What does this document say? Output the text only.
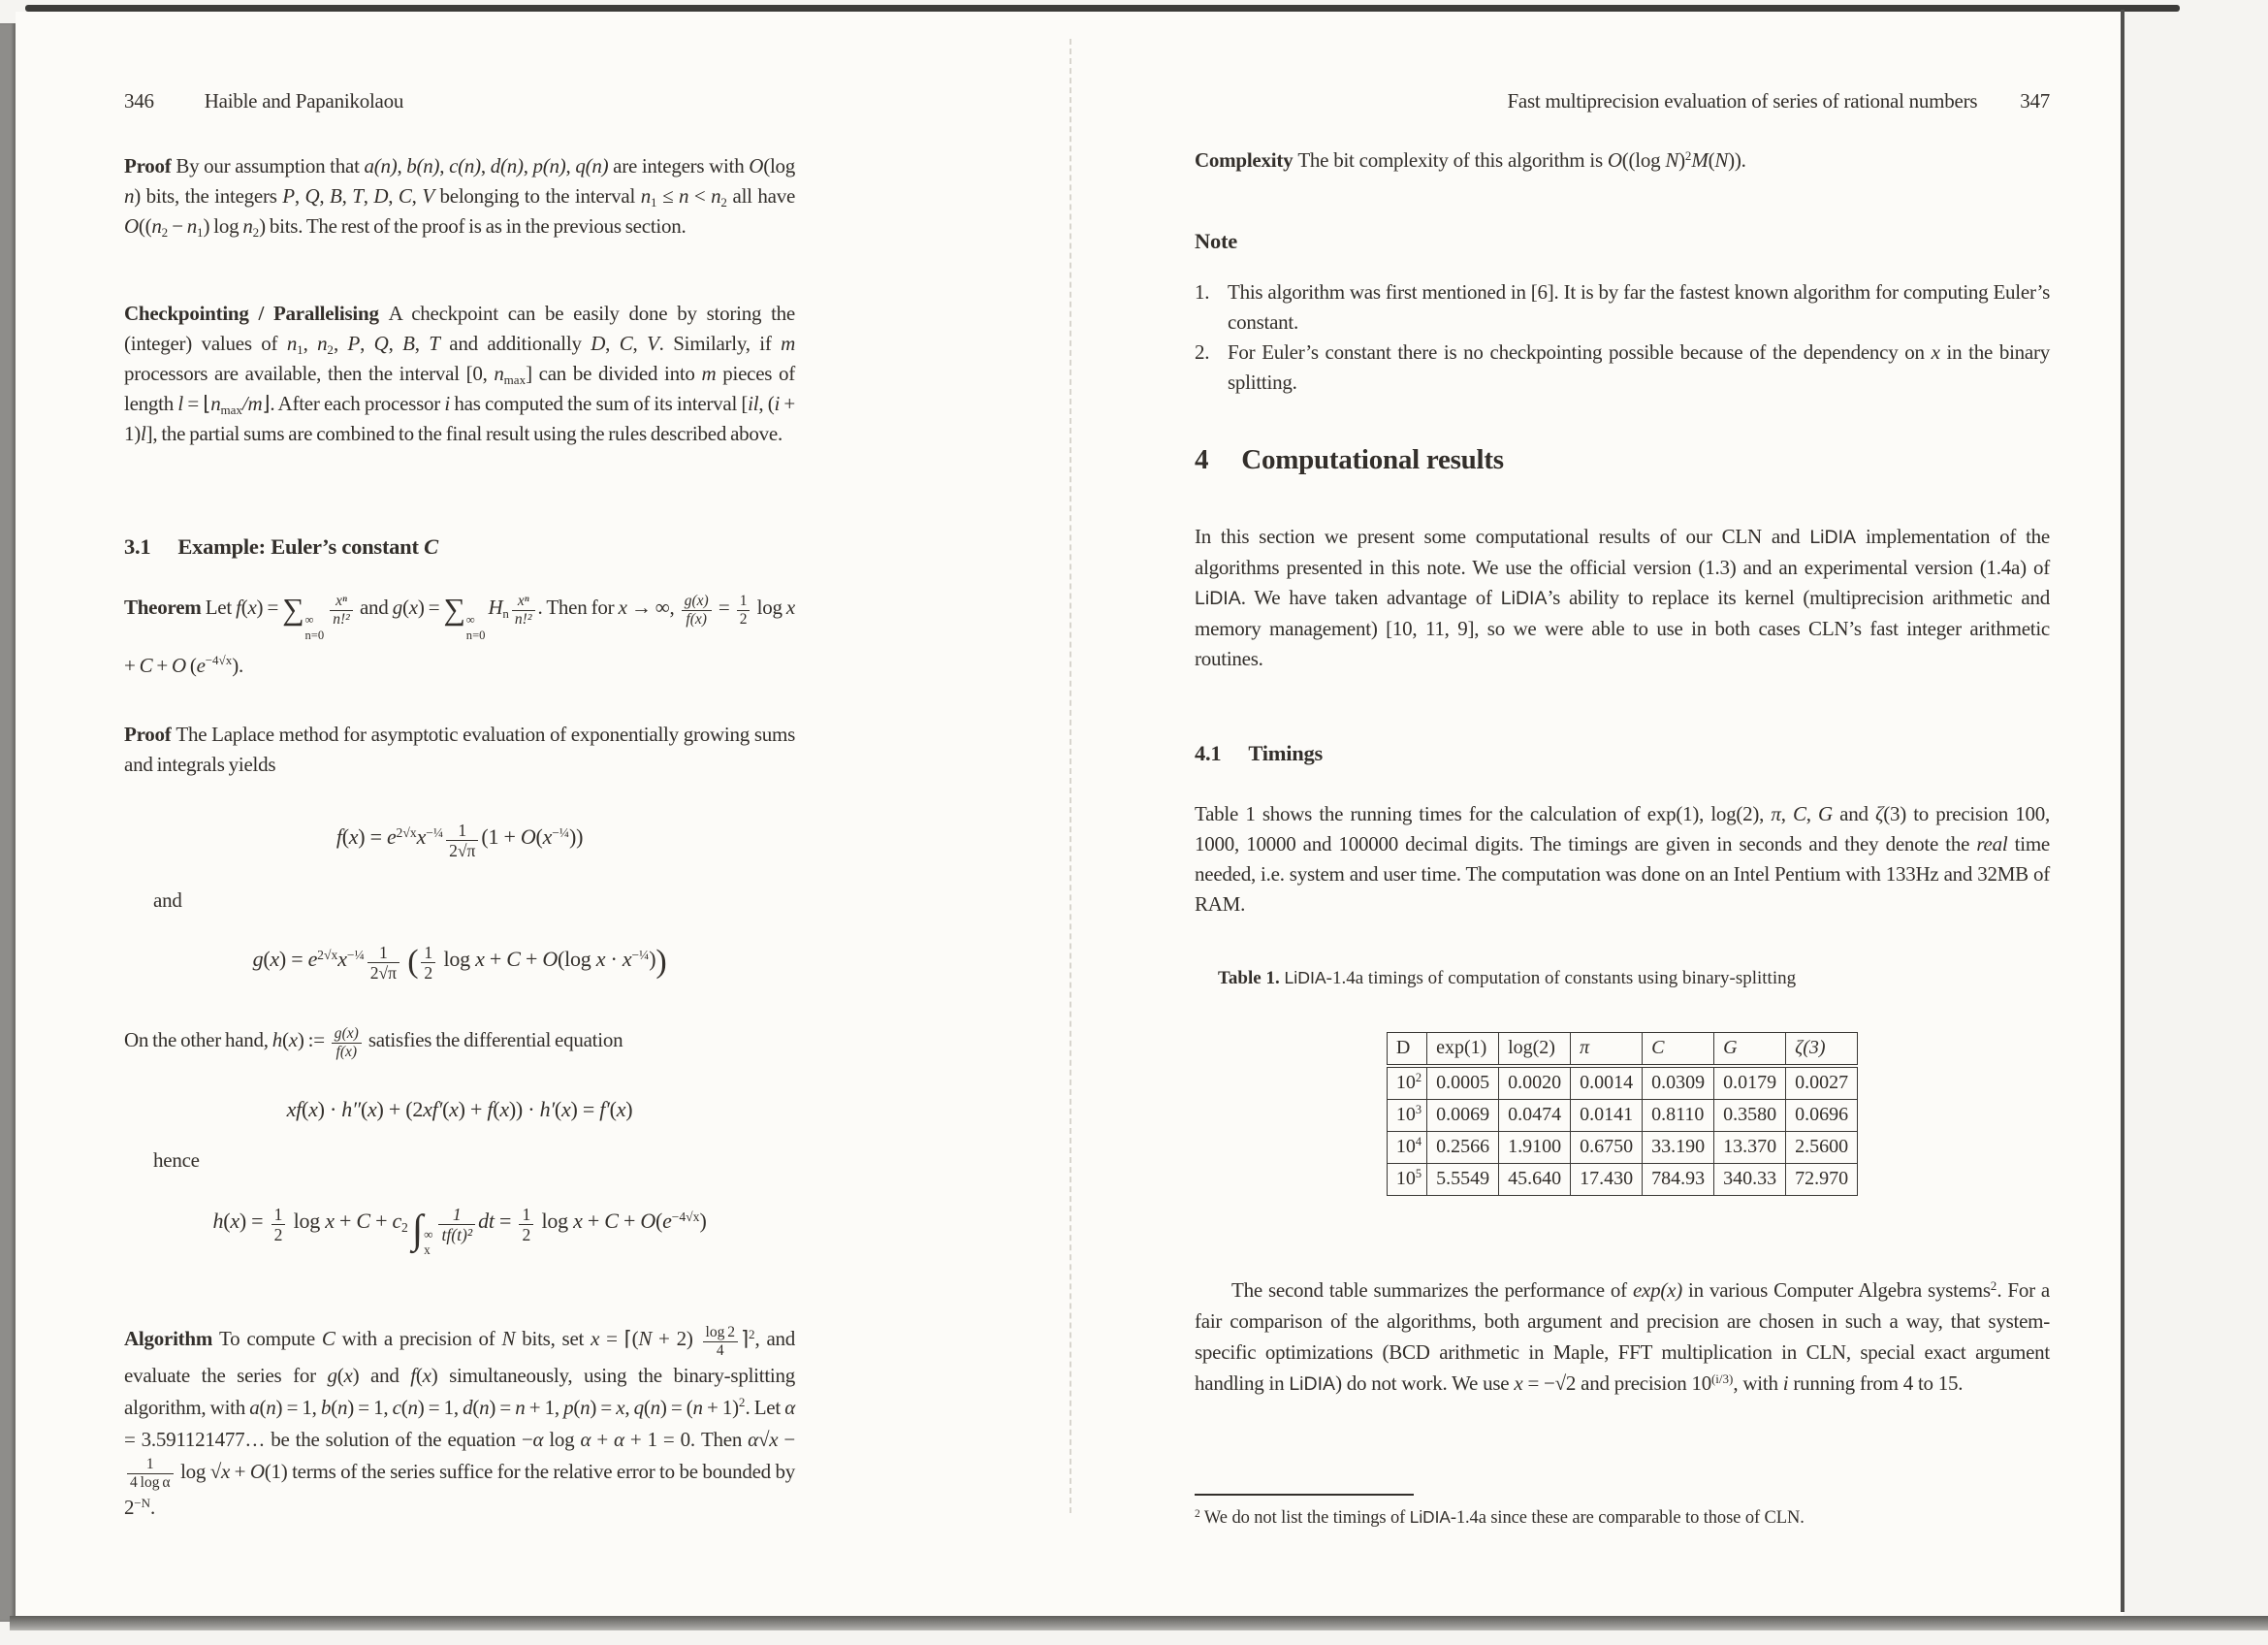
346 Haible and Papanikolaou
Proof By our assumption that a(n), b(n), c(n), d(n), p(n), q(n) are integers with O(log n) bits, the integers P, Q, B, T, D, C, V belonging to the interval $n_1 \le n < n_2$ all have $O((n_2 - n_1)$ $\log n_2$) bits. The rest of the proof is as in the previous section.
Checkpointing / Parallelising A checkpoint can be easily done by storing the (integer) values of $n_1$, $n_2$, P, Q, B, T and additionally D, C, V. Similarly, if m processors are available, then the interval [0, $n_{max}$] can be divided into m pieces of length $l = ⌊n_{max}/m⌋$. After each processor i has computed the sum of its interval [il, (i + 1)l], the partial sums are combined to the final result using the rules described above.
3.1 Example: Euler’s constant C
Theorem Let f(x) = ∑ ∞
n=0
$\frac{\text{xⁿ}}{\text{n!²}}$ and g(x) = ∑ ∞
n=0
$H_n \frac{\text{xⁿ}}{\text{n!²}}$ . Then for x → ∞, $\frac{g(x)}{f(x)} = \frac{1}{2}$ log x + C + O $(e^{-4√x})$.
Proof The Laplace method for asymptotic evaluation of exponentially growing sums and integrals yields
$f(x) = e^{2√x}x^{-\frac{1}{4}} \frac{1}{2√\pi} (1 + O(x^{-\frac{1}{4}}))$
and
$g(x) = e^{2√x}x^{-\frac{1}{4}} \frac{1}{2√\pi}$ ( $\frac{1}{2}$ log x + C + O(log $x \cdot x^{-\frac{1}{4}}$))
On the other hand, h(x) := $\frac{g(x)}{f(x)}$ satisfies the differential equation
xf(x) · h″(x) + (2xf′(x) + f(x)) · h′(x) = f′(x)
hence
$h(x) = \frac{1}{2}$ $\log x + C + c_2\int$ ∞
x
$\frac{1}{\text{tf(t)²}}$ dt = $\frac{1}{2}$ $\log x + C + O(e^{-4√x})$
Algorithm To compute C with a precision of N bits, set x = ⌈(N + $2) \frac{\log 2}{4}$ ⌉$^2$, and evaluate the series for g(x) and f(x) simultaneously, using the binary-splitting algorithm, with a(n) = 1, b(n) = 1, c(n) = 1, d(n) = n + 1, p(n) = x, $q(n) = (n + 1)^2$. Let α = 3.591121477… be the solution of the equation −α log α + α + 1 = 0. Then α√x −
$\frac{1}{\text{4 log α}}$ log √x + O(1) terms of the series suffice for the relative error to be bounded by $2^{-N}$.
Fast multiprecision evaluation of series of rational numbers 347
Complexity The bit complexity of this algorithm is O((log N)$^2$M(N)).
Note
1. This algorithm was first mentioned in [6]. It is by far the fastest known algorithm for computing Euler’s constant.
2. For Euler’s constant there is no checkpointing possible because of the dependency on x in the binary splitting.
4 Computational results
In this section we present some computational results of our CLN and LiDIA implementation of the algorithms presented in this note. We use the official version (1.3) and an experimental version (1.4a) of LiDIA. We have taken advantage of LiDIA’s ability to replace its kernel (multiprecision arithmetic and memory management) [10, 11, 9], so we were able to use in both cases CLN’s fast integer arithmetic routines.
4.1 Timings
Table 1 shows the running times for the calculation of exp(1), log(2), π, C, G and ζ(3) to precision 100, 1000, 10000 and 100000 decimal digits. The timings are given in seconds and they denote the real time needed, i.e. system and user time. The computation was done on an Intel Pentium with 133Hz and 32MB of RAM.
Table 1. LiDIA-1.4a timings of computation of constants using binary-splitting
D	exp(1)	log(2)	π	C	G	ζ(3)
$10^2$	0.0005	0.0020	0.0014	0.0309	0.0179	0.0027
$10^3$	0.0069	0.0474	0.0141	0.8110	0.3580	0.0696
$10^4$	0.2566	1.9100	0.6750	33.190	13.370	2.5600
$10^5$	5.5549	45.640	17.430	784.93	340.33	72.970
The second table summarizes the performance of exp(x) in various Computer Algebra systems$^2$. For a fair comparison of the algorithms, both argument and precision are chosen in such a way, that system-specific optimizations (BCD arithmetic in Maple, FFT multiplication in CLN, special exact argument handling in LiDIA) do not work. We use x = −√2 and precision $10^{(i/3)}$, with i running from 4 to 15.
$^2$ We do not list the timings of LiDIA-1.4a since these are comparable to those of CLN.
